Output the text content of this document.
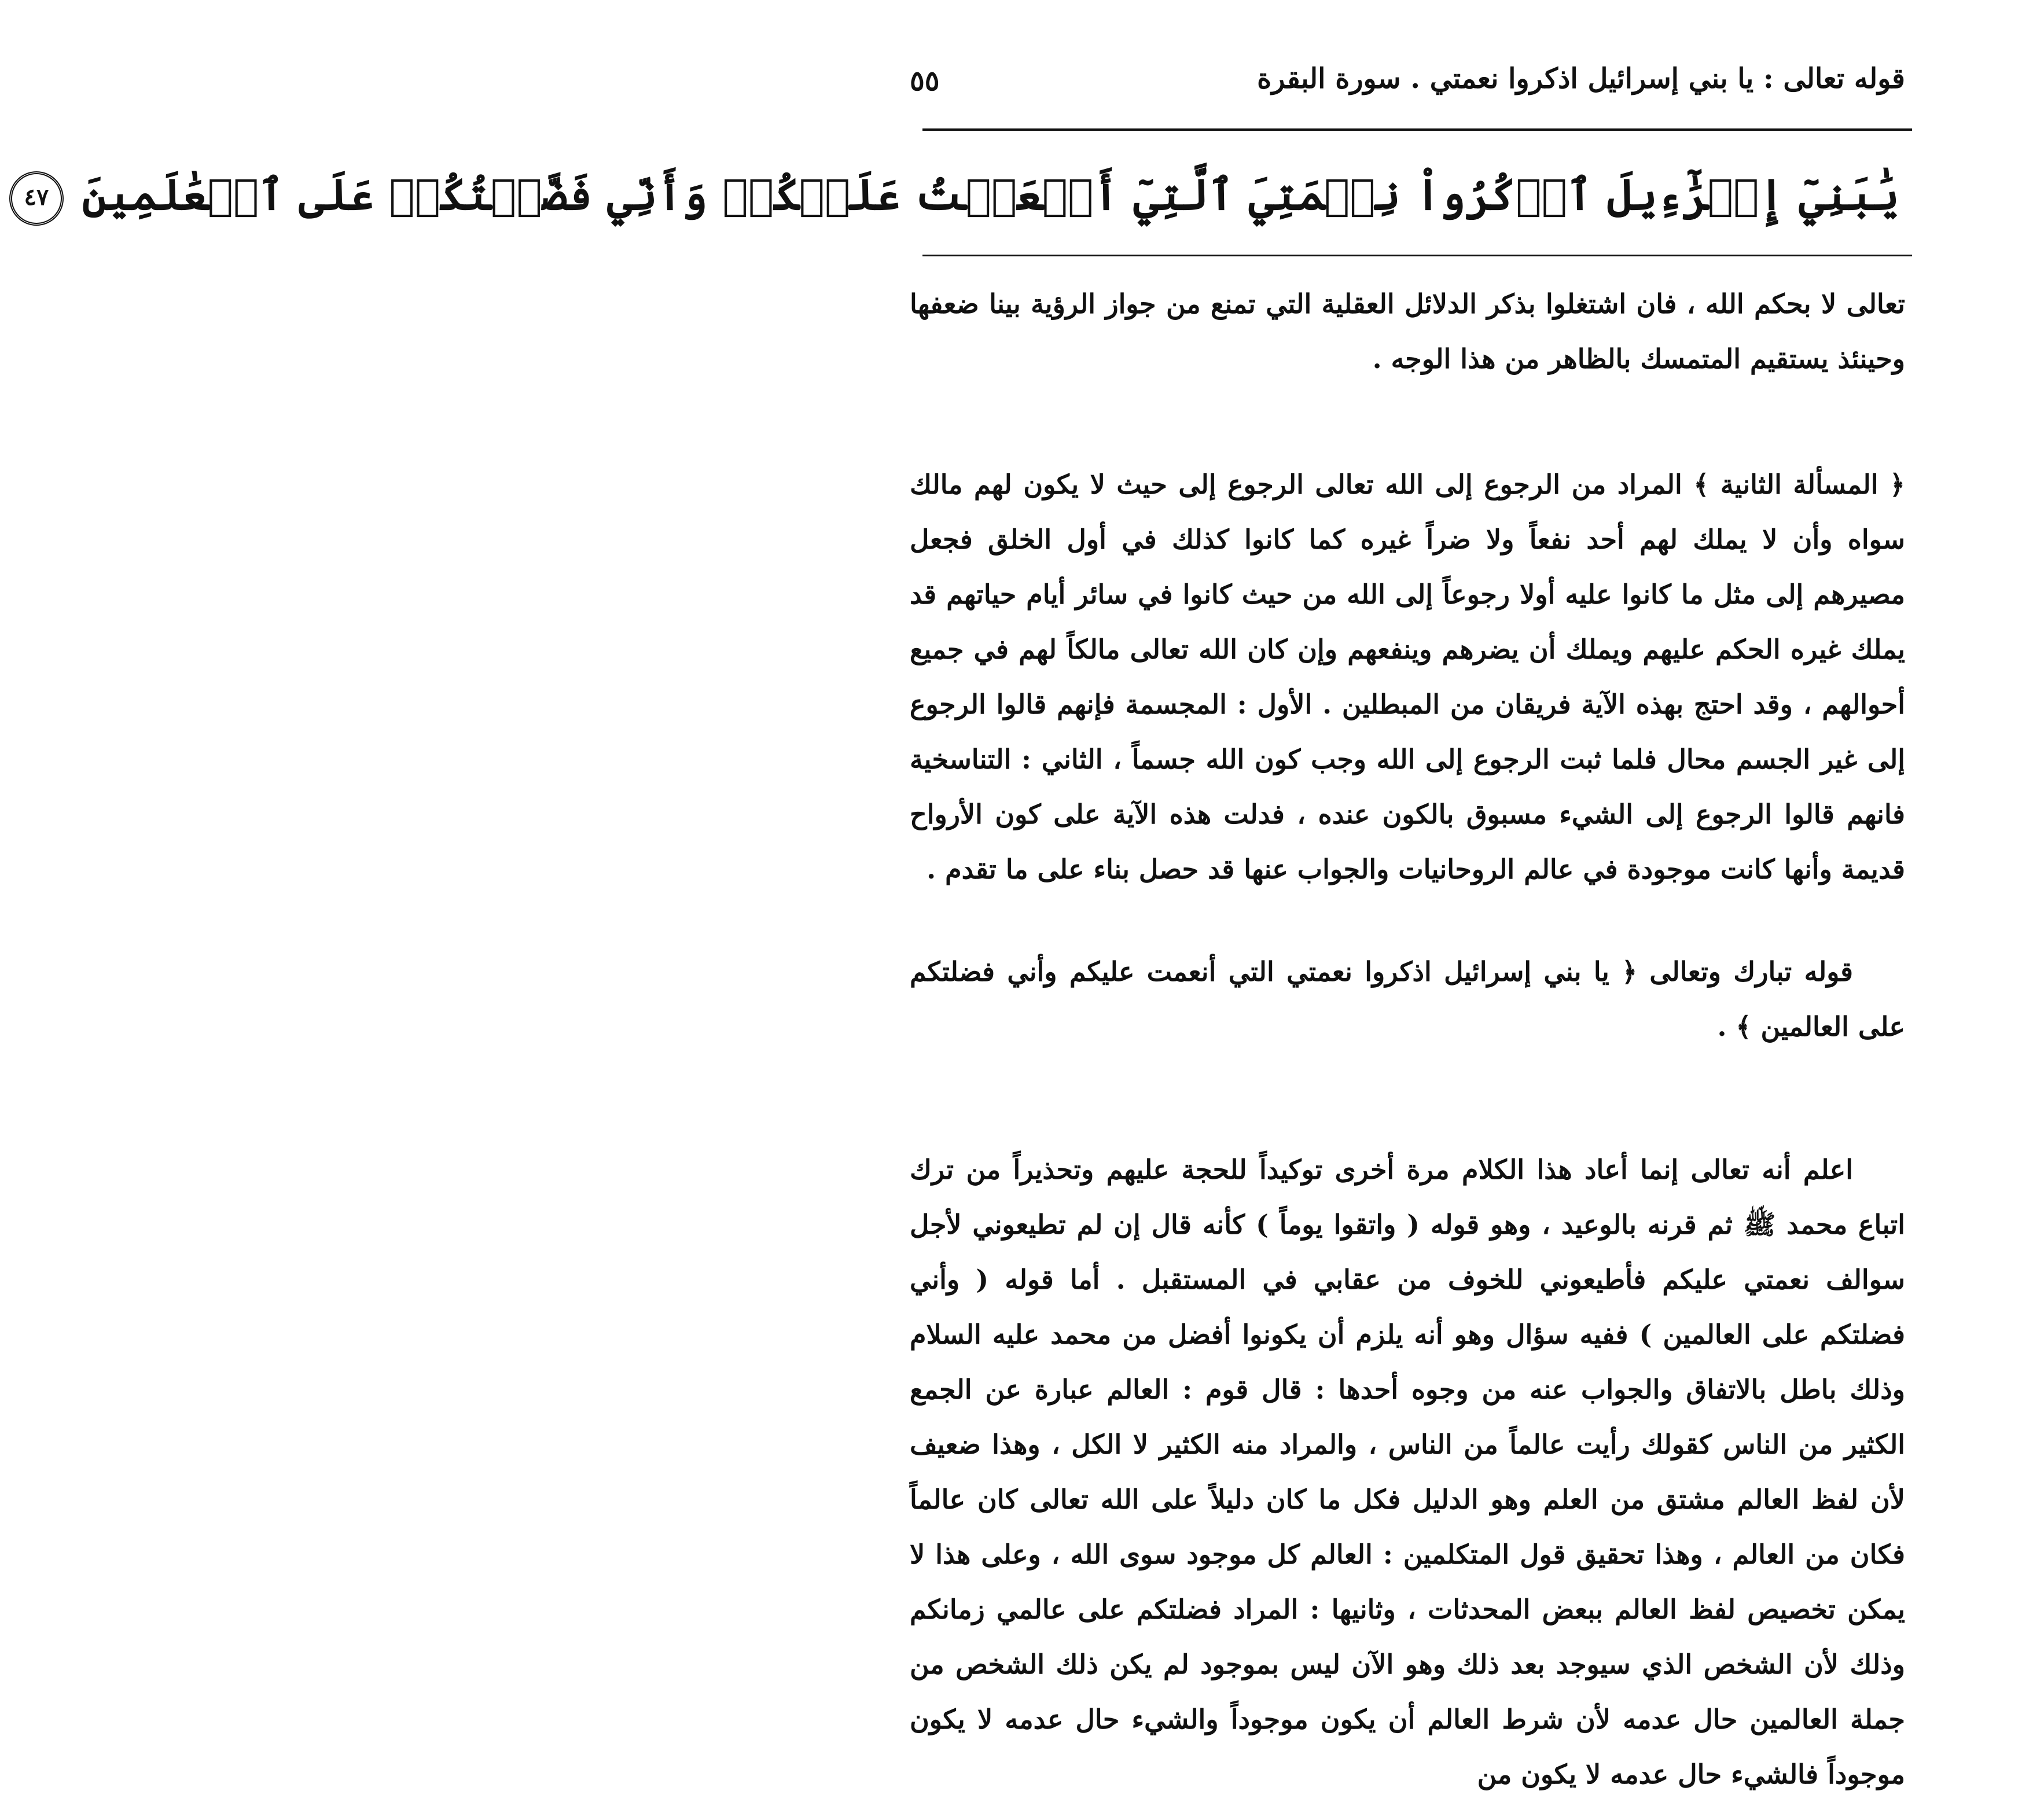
قوله تعالى : يا بني إسرائيل اذكروا نعمتي . سورة البقرة
٥٥
يَٰبَنِيٓ إِسۡرَٰٓءِيلَ ٱذۡكُرُواْ نِعۡمَتِيَ ٱلَّتِيٓ أَنۡعَمۡتُ عَلَيۡكُمۡ وَأَنِّي فَضَّلۡتُكُمۡ عَلَى ٱلۡعَٰلَمِينَ ٤٧

تعالى لا بحكم الله ، فان اشتغلوا بذكر الدلائل العقلية التي تمنع من جواز الرؤية بينا ضعفها وحينئذ يستقيم المتمسك بالظاهر من هذا الوجه .

﴿ المسألة الثانية ﴾ المراد من الرجوع إلى الله تعالى الرجوع إلى حيث لا يكون لهم مالك سواه وأن لا يملك لهم أحد نفعاً ولا ضراً غيره كما كانوا كذلك في أول الخلق فجعل مصيرهم إلى مثل ما كانوا عليه أولا رجوعاً إلى الله من حيث كانوا في سائر أيام حياتهم قد يملك غيره الحكم عليهم ويملك أن يضرهم وينفعهم وإن كان الله تعالى مالكاً لهم في جميع أحوالهم ، وقد احتج بهذه الآية فريقان من المبطلين . الأول : المجسمة فإنهم قالوا الرجوع إلى غير الجسم محال فلما ثبت الرجوع إلى الله وجب كون الله جسماً ، الثاني : التناسخية فانهم قالوا الرجوع إلى الشيء مسبوق بالكون عنده ، فدلت هذه الآية على كون الأرواح قديمة وأنها كانت موجودة في عالم الروحانيات والجواب عنها قد حصل بناء على ما تقدم .

قوله تبارك وتعالى ﴿ يا بني إسرائيل اذكروا نعمتي التي أنعمت عليكم وأني فضلتكم على العالمين ﴾ .

اعلم أنه تعالى إنما أعاد هذا الكلام مرة أخرى توكيداً للحجة عليهم وتحذيراً من ترك اتباع محمد ﷺ ثم قرنه بالوعيد ، وهو قوله ( واتقوا يوماً ) كأنه قال إن لم تطيعوني لأجل سوالف نعمتي عليكم فأطيعوني للخوف من عقابي في المستقبل . أما قوله ( وأني فضلتكم على العالمين ) ففيه سؤال وهو أنه يلزم أن يكونوا أفضل من محمد عليه السلام وذلك باطل بالاتفاق والجواب عنه من وجوه أحدها : قال قوم : العالم عبارة عن الجمع الكثير من الناس كقولك رأيت عالماً من الناس ، والمراد منه الكثير لا الكل ، وهذا ضعيف لأن لفظ العالم مشتق من العلم وهو الدليل فكل ما كان دليلاً على الله تعالى كان عالماً فكان من العالم ، وهذا تحقيق قول المتكلمين : العالم كل موجود سوى الله ، وعلى هذا لا يمكن تخصيص لفظ العالم ببعض المحدثات ، وثانيها : المراد فضلتكم على عالمي زمانكم وذلك لأن الشخص الذي سيوجد بعد ذلك وهو الآن ليس بموجود لم يكن ذلك الشخص من جملة العالمين حال عدمه لأن شرط العالم أن يكون موجوداً والشيء حال عدمه لا يكون موجوداً فالشيء حال عدمه لا يكون من
